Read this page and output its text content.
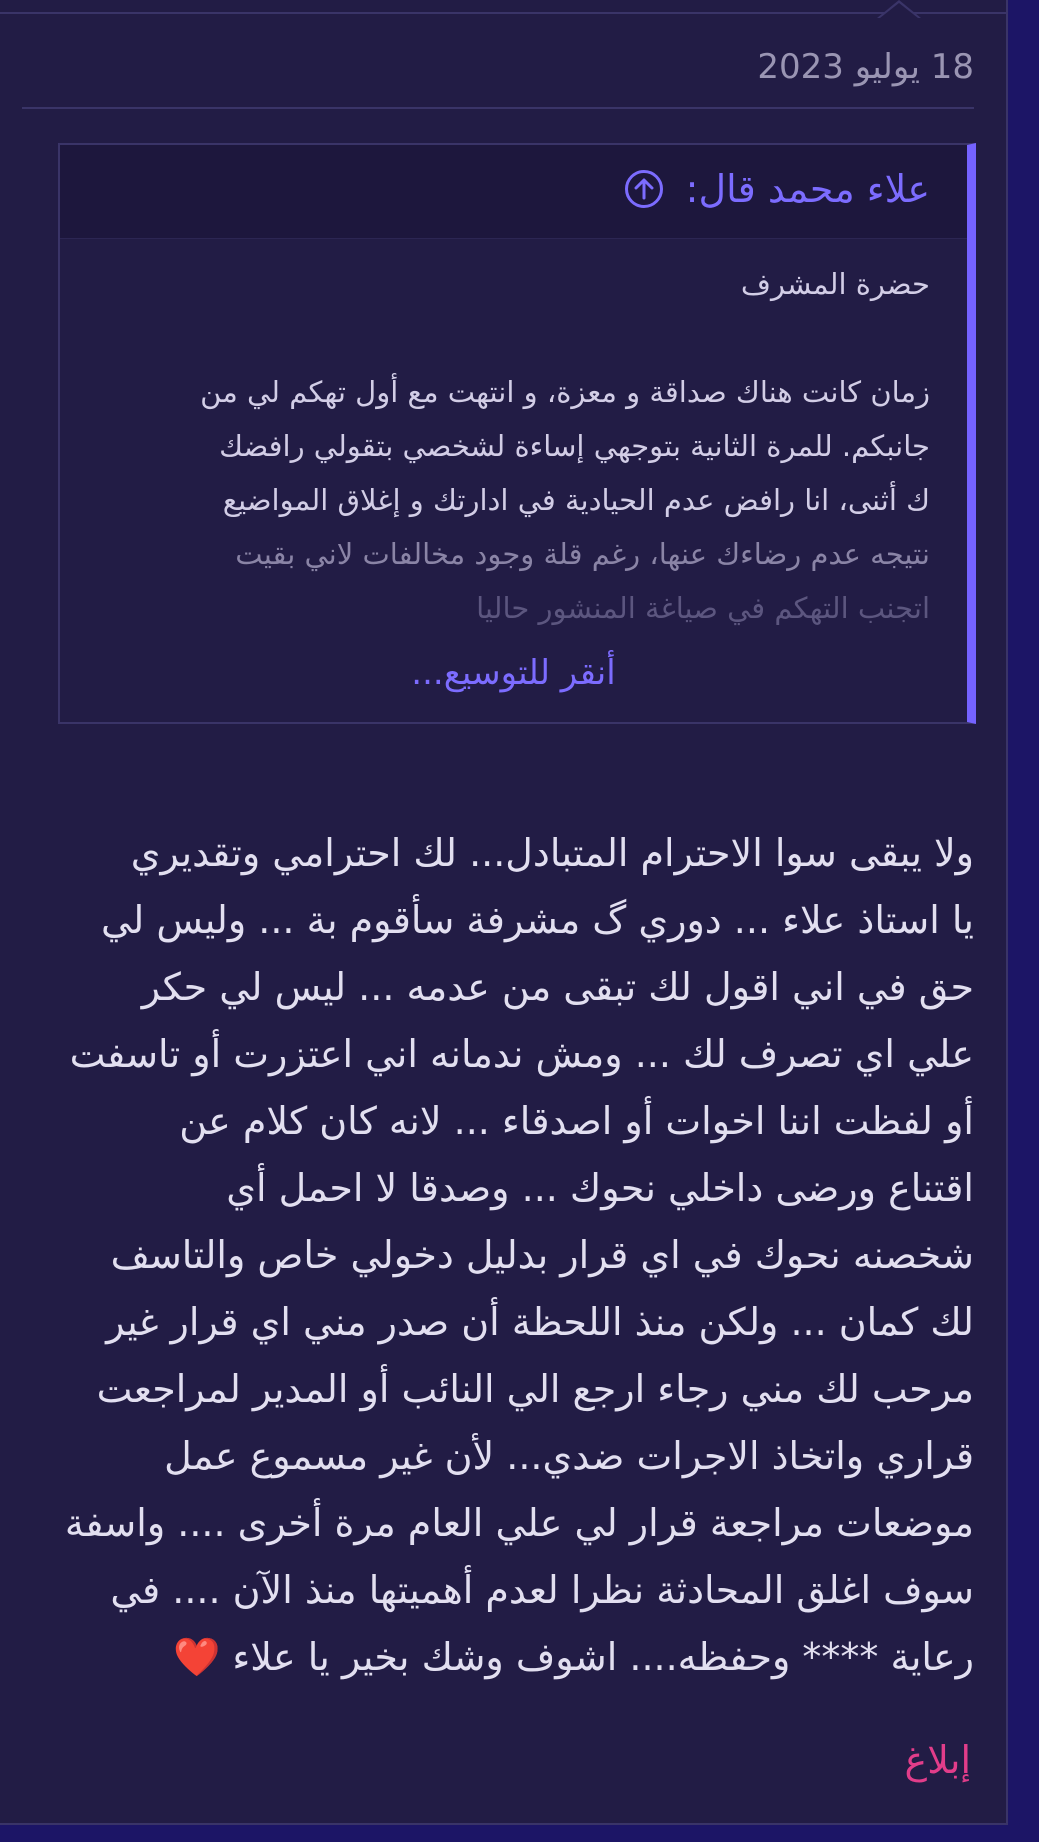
18 يوليو 2023
علاء محمد قال:

حضرة المشرف

زمان كانت هناك صداقة و معزة، و انتهت مع أول تهكم لي من

جانبكم. للمرة الثانية بتوجهي إساءة لشخصي بتقولي رافضك

ك أثنى، انا رافض عدم الحيادية في ادارتك و إغلاق المواضيع

نتيجه عدم رضاءك عنها، رغم قلة وجود مخالفات لاني بقيت

اتجنب التهكم في صياغة المنشور حاليا

أنقر للتوسيع...

ولا يبقى سوا الاحترام المتبادل... لك احترامي وتقديري

يا استاذ علاء ... دوري گ مشرفة سأقوم بة ... وليس لي

حق في اني اقول لك تبقى من عدمه ... ليس لي حكر

علي اي تصرف لك ... ومش ندمانه اني اعتزرت أو تاسفت

أو لفظت اننا اخوات أو اصدقاء ... لانه كان كلام عن

اقتناع ورضى داخلي نحوك ... وصدقا لا احمل أي

شخصنه نحوك في اي قرار بدليل دخولي خاص والتاسف

لك كمان ... ولكن منذ اللحظة أن صدر مني اي قرار غير

مرحب لك مني رجاء ارجع الي النائب أو المدير لمراجعت

قراري واتخاذ الاجرات ضدي... لأن غير مسموع عمل

موضعات مراجعة قرار لي علي العام مرة أخرى .... واسفة

سوف اغلق المحادثة نظرا لعدم أهميتها منذ الآن .... في

رعاية **** وحفظه.... اشوف وشك بخير يا علاء ❤️

إبلاغ
